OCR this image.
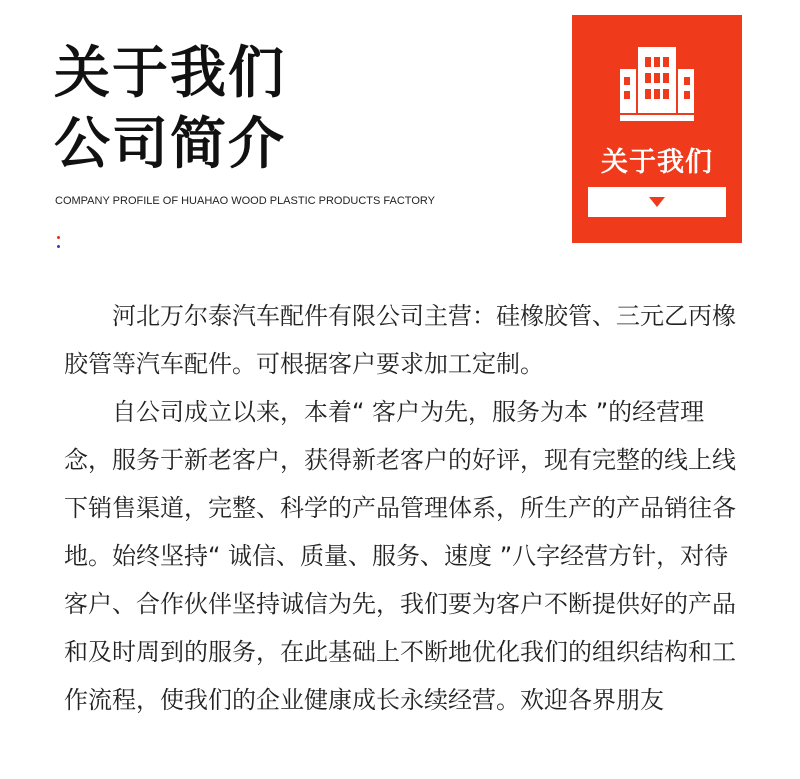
关于我们
公司简介
COMPANY PROFILE OF HUAHAO WOOD PLASTIC PRODUCTS FACTORY
关于我们

河北万尔泰汽车配件有限公司主营：硅橡胶管、三元乙丙橡胶管等汽车配件。可根据客户要求加工定制。

自公司成立以来，本着“ 客户为先，服务为本 ”的经营理念，服务于新老客户，获得新老客户的好评，现有完整的线上线下销售渠道，完整、科学的产品管理体系，所生产的产品销往各地。始终坚持“ 诚信、质量、服务、速度 ”八字经营方针，对待客户、合作伙伴坚持诚信为先，我们要为客户不断提供好的产品和及时周到的服务，在此基础上不断地优化我们的组织结构和工作流程，使我们的企业健康成长永续经营。欢迎各界朋友
